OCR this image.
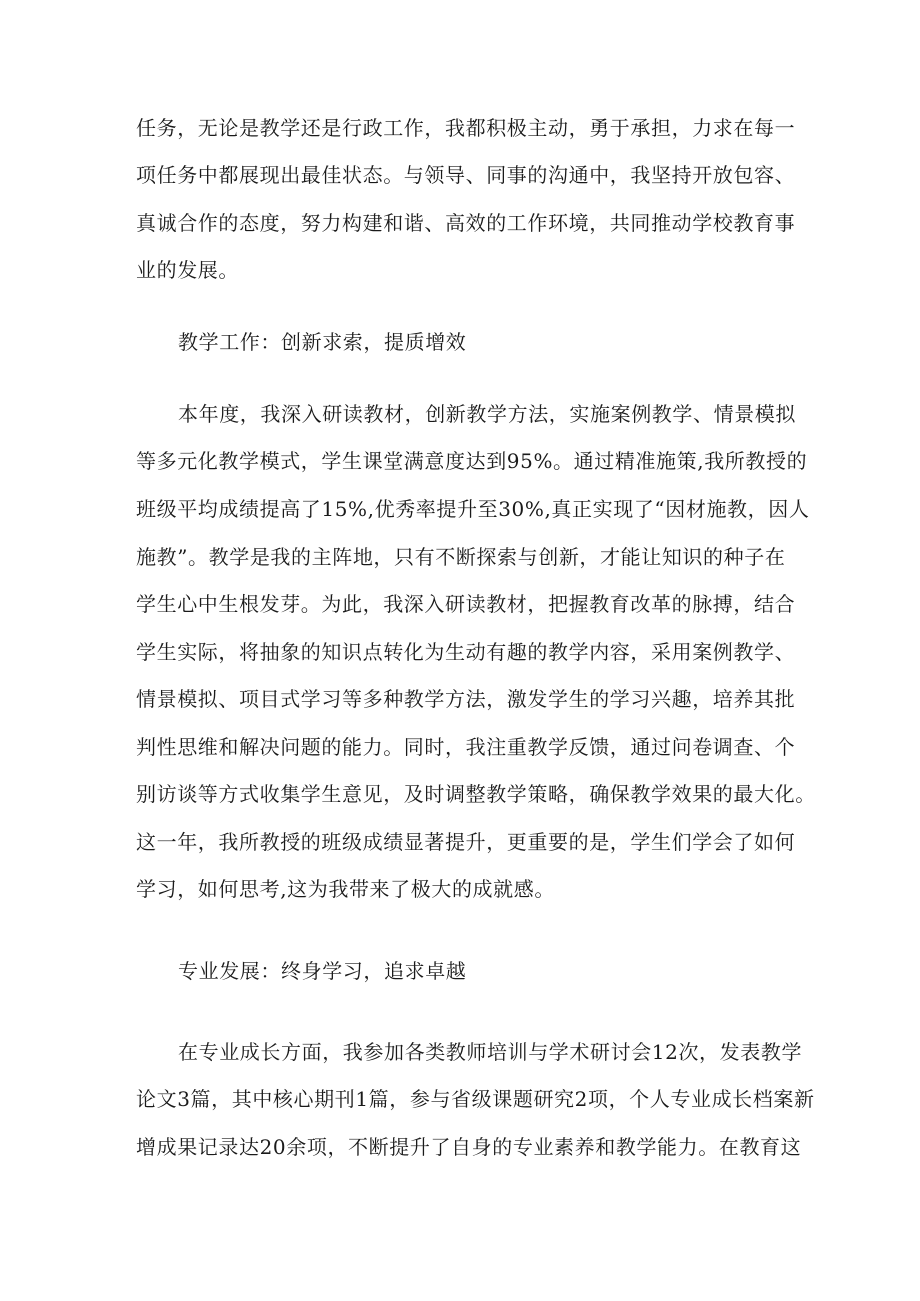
任务，无论是教学还是行政工作，我都积极主动，勇于承担，力求在每一
项任务中都展现出最佳状态。与领导、同事的沟通中，我坚持开放包容、
真诚合作的态度，努力构建和谐、高效的工作环境，共同推动学校教育事
业的发展。
教学工作：创新求索，提质增效
本年度，我深入研读教材，创新教学方法，实施案例教学、情景模拟
等多元化教学模式，学生课堂满意度达到95%。通过精准施策,我所教授的
班级平均成绩提高了15%,优秀率提升至30%,真正实现了“因材施教，因人
施教”。教学是我的主阵地，只有不断探索与创新，才能让知识的种子在
学生心中生根发芽。为此，我深入研读教材，把握教育改革的脉搏，结合
学生实际，将抽象的知识点转化为生动有趣的教学内容，采用案例教学、
情景模拟、项目式学习等多种教学方法，激发学生的学习兴趣，培养其批
判性思维和解决问题的能力。同时，我注重教学反馈，通过问卷调查、个
别访谈等方式收集学生意见，及时调整教学策略，确保教学效果的最大化。
这一年，我所教授的班级成绩显著提升，更重要的是，学生们学会了如何
学习，如何思考,这为我带来了极大的成就感。
专业发展：终身学习，追求卓越
在专业成长方面，我参加各类教师培训与学术研讨会12次，发表教学
论文3篇，其中核心期刊1篇，参与省级课题研究2项，个人专业成长档案新
增成果记录达20余项，不断提升了自身的专业素养和教学能力。在教育这
